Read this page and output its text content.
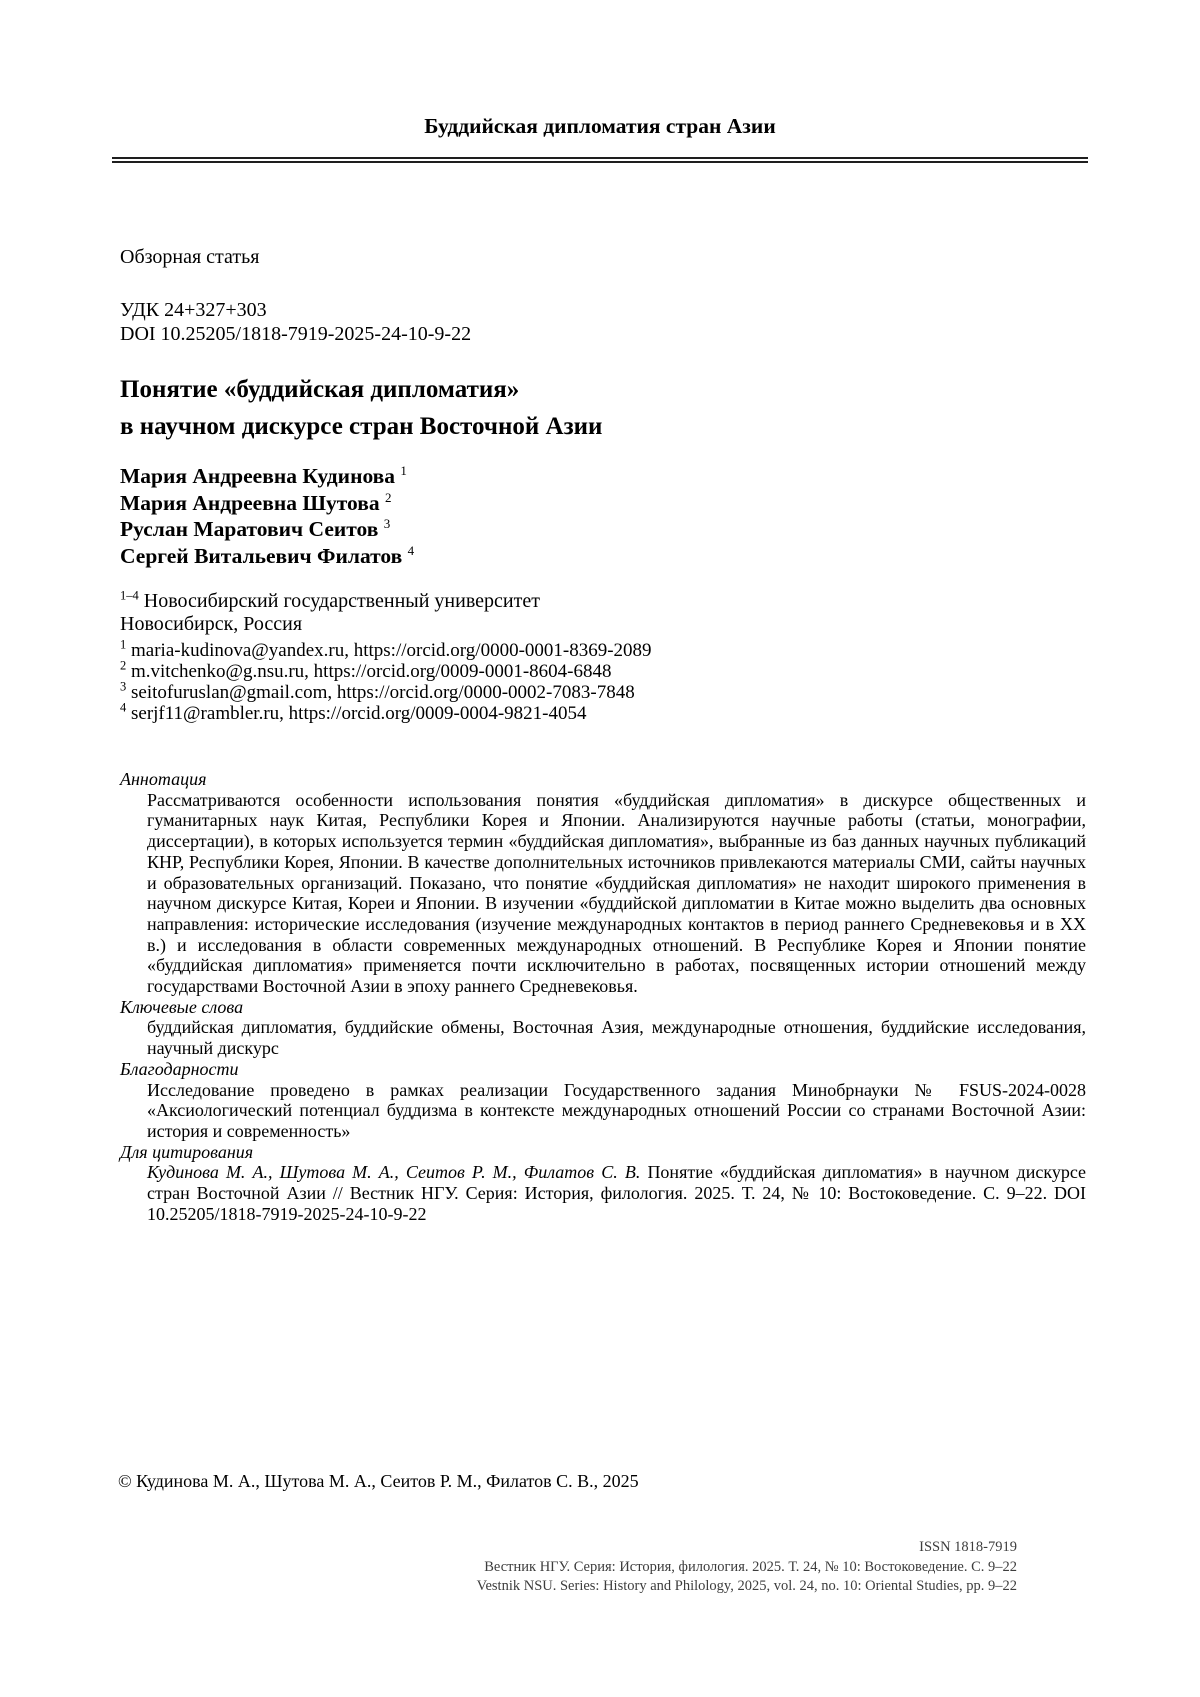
Буддийская дипломатия стран Азии
Обзорная статья
УДК 24+327+303
DOI 10.25205/1818-7919-2025-24-10-9-22
Понятие «буддийская дипломатия»
в научном дискурсе стран Восточной Азии
Мария Андреевна Кудинова $^1$
Мария Андреевна Шутова $^2$
Руслан Маратович Сеитов $^3$
Сергей Витальевич Филатов $^4$
$^{1-4}$ Новосибирский государственный университет
Новосибирск, Россия
$^1$ maria-kudinova@yandex.ru, https://orcid.org/0000-0001-8369-2089
$^2$ m.vitchenko@g.nsu.ru, https://orcid.org/0009-0001-8604-6848
$^3$ seitofuruslan@gmail.com, https://orcid.org/0000-0002-7083-7848
$^4$ serjf11@rambler.ru, https://orcid.org/0009-0004-9821-4054
Аннотация
Рассматриваются особенности использования понятия «буддийская дипломатия» в дискурсе общественных и гуманитарных наук Китая, Республики Корея и Японии. Анализируются научные работы (статьи, монографии, диссертации), в которых используется термин «буддийская дипломатия», выбранные из баз данных научных публикаций КНР, Республики Корея, Японии. В качестве дополнительных источников привлекаются материалы СМИ, сайты научных и образовательных организаций. Показано, что понятие «буддийская дипломатия» не находит широкого применения в научном дискурсе Китая, Кореи и Японии. В изучении «буддийской дипломатии в Китае можно выделить два основных направления: исторические исследования (изучение международных контактов в период раннего Средневековья и в XX в.) и исследования в области современных международных отношений. В Республике Корея и Японии понятие «буддийская дипломатия» применяется почти исключительно в работах, посвященных истории отношений между государствами Восточной Азии в эпоху раннего Средневековья.
Ключевые слова
буддийская дипломатия, буддийские обмены, Восточная Азия, международные отношения, буддийские исследования, научный дискурс
Благодарности
Исследование проведено в рамках реализации Государственного задания Минобрнауки № FSUS-2024-0028 «Аксиологический потенциал буддизма в контексте международных отношений России со странами Восточной Азии: история и современность»
Для цитирования
Кудинова М. А., Шутова М. А., Сеитов Р. М., Филатов С. В. Понятие «буддийская дипломатия» в научном дискурсе стран Восточной Азии // Вестник НГУ. Серия: История, филология. 2025. Т. 24, № 10: Востоковедение. С. 9–22. DOI 10.25205/1818-7919-2025-24-10-9-22
© Кудинова М. А., Шутова М. А., Сеитов Р. М., Филатов С. В., 2025
ISSN 1818-7919
Вестник НГУ. Серия: История, филология. 2025. Т. 24, № 10: Востоковедение. С. 9–22
Vestnik NSU. Series: History and Philology, 2025, vol. 24, no. 10: Oriental Studies, pp. 9–22
